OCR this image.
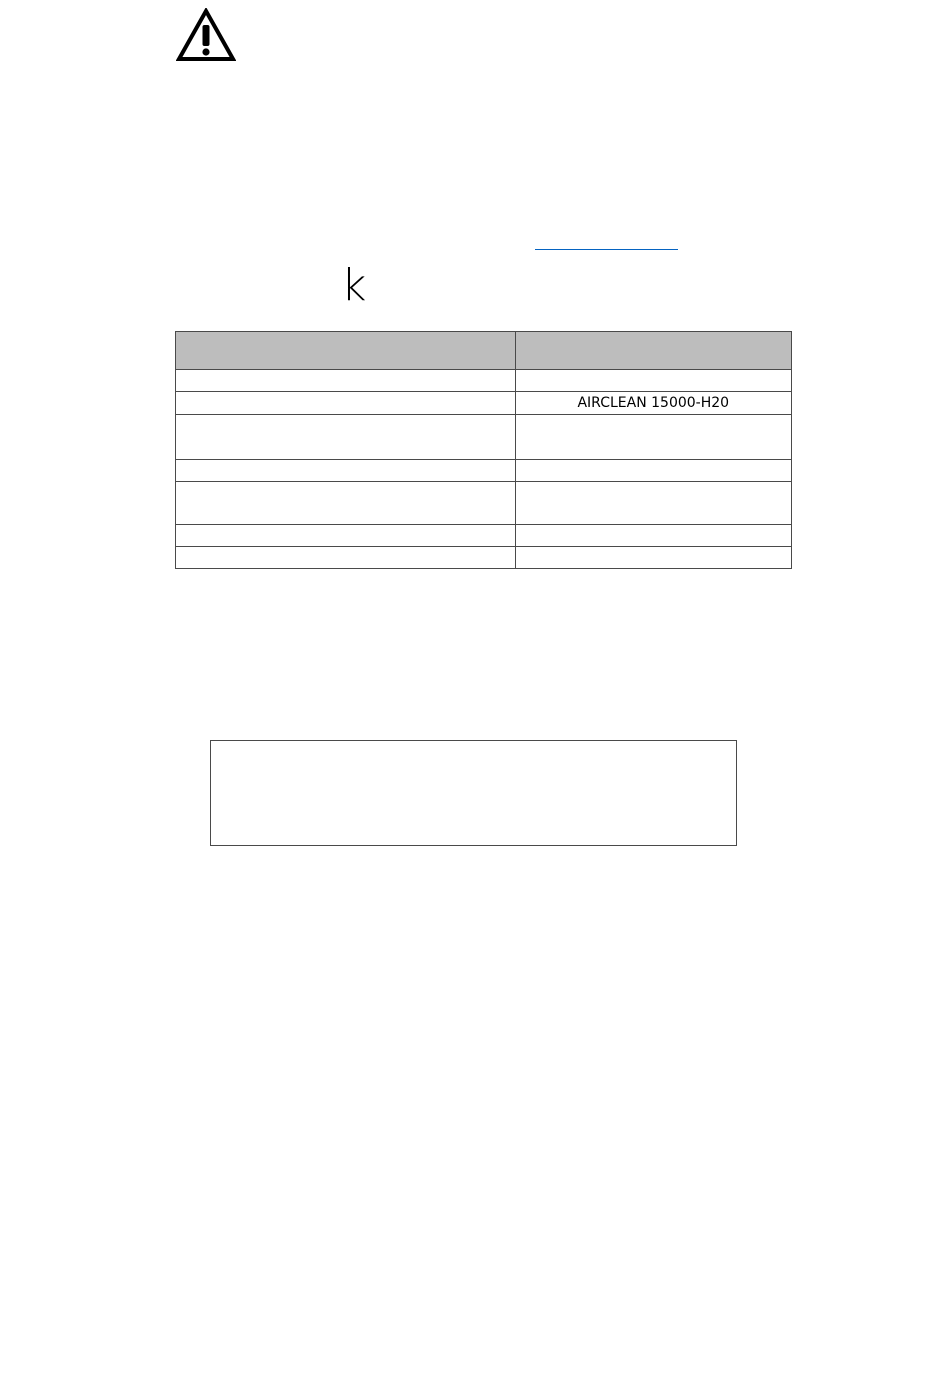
k

	AIRCLEAN 15000-H20
